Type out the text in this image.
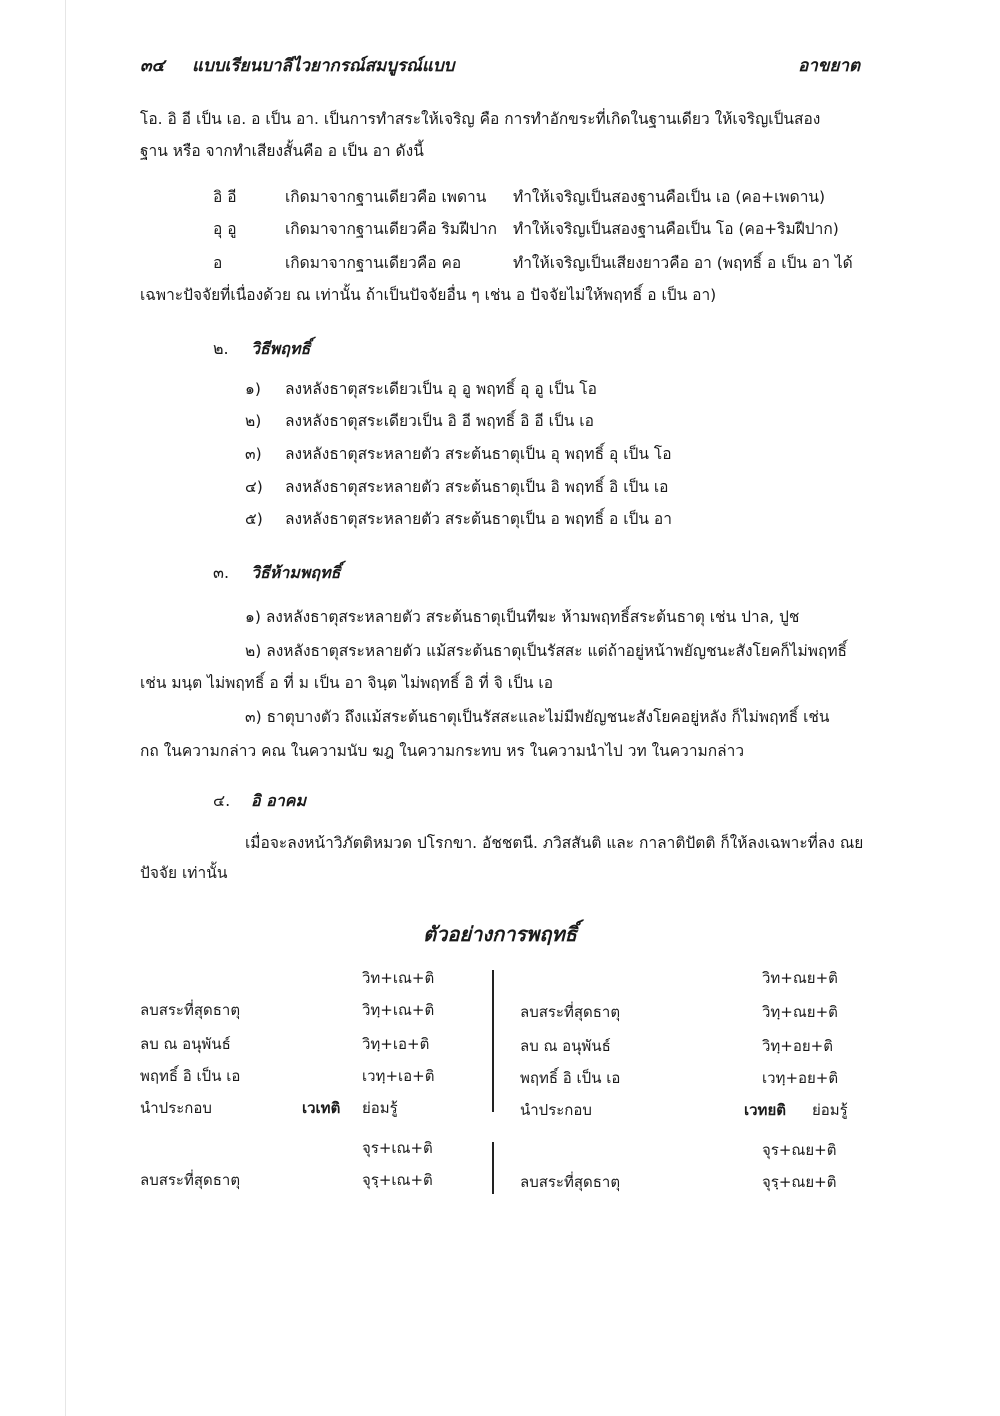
๓๔ แบบเรียนบาลีไวยากรณ์สมบูรณ์แบบ	อาขยาต
โอ. อิ อี เป็น เอ. อ เป็น อา. เป็นการทำสระให้เจริญ คือ การทำอักขระที่เกิดในฐานเดียว ให้เจริญเป็นสอง
ฐาน หรือ จากทำเสียงสั้นคือ อ เป็น อา ดังนี้
อิ อี	เกิดมาจากฐานเดียวคือ เพดาน ทำให้เจริญเป็นสองฐานคือเป็น เอ (คอ+เพดาน)
อุ อู	เกิดมาจากฐานเดียวคือ ริมฝีปาก ทำให้เจริญเป็นสองฐานคือเป็น โอ (คอ+ริมฝีปาก)
อ	เกิดมาจากฐานเดียวคือ คอ	ทำให้เจริญเป็นเสียงยาวคือ อา (พฤทธิ์ อ เป็น อา ได้
เฉพาะปัจจัยที่เนื่องด้วย ณ เท่านั้น ถ้าเป็นปัจจัยอื่น ๆ เช่น อ ปัจจัยไม่ให้พฤทธิ์ อ เป็น อา)
๒. วิธีพฤทธิ์
๑) ลงหลังธาตุสระเดียวเป็น อุ อู พฤทธิ์ อุ อู เป็น โอ
๒) ลงหลังธาตุสระเดียวเป็น อิ อี พฤทธิ์ อิ อี เป็น เอ
๓) ลงหลังธาตุสระหลายตัว สระต้นธาตุเป็น อุ พฤทธิ์ อุ เป็น โอ
๔) ลงหลังธาตุสระหลายตัว สระต้นธาตุเป็น อิ พฤทธิ์ อิ เป็น เอ
๕) ลงหลังธาตุสระหลายตัว สระต้นธาตุเป็น อ พฤทธิ์ อ เป็น อา
๓. วิธีห้ามพฤทธิ์
๑) ลงหลังธาตุสระหลายตัว สระต้นธาตุเป็นทีฆะ ห้ามพฤทธิ์สระต้นธาตุ เช่น ปาล, ปูช
๒) ลงหลังธาตุสระหลายตัว แม้สระต้นธาตุเป็นรัสสะ แต่ถ้าอยู่หน้าพยัญชนะสังโยคก็ไม่พฤทธิ์
เช่น มนฺต ไม่พฤทธิ์ อ ที่ ม เป็น อา จินฺต ไม่พฤทธิ์ อิ ที่ จิ เป็น เอ
๓) ธาตุบางตัว ถึงแม้สระต้นธาตุเป็นรัสสะและไม่มีพยัญชนะสังโยคอยู่หลัง ก็ไม่พฤทธิ์ เช่น
กถ ในความกล่าว คณ ในความนับ ฆฎ ในความกระทบ หร ในความนำไป วท ในความกล่าว
๔. อิ อาคม
เมื่อจะลงหน้าวิภัตติหมวด ปโรกขา. อัชชตนี. ภวิสสันติ และ กาลาติปัตติ ก็ให้ลงเฉพาะที่ลง ณย
ปัจจัย เท่านั้น
ตัวอย่างการพฤทธิ์
วิท+เณ+ติ
ลบสระที่สุดธาตุ	วิทฺ+เณ+ติ
ลบ ณ อนุพันธ์	วิทฺ+เอ+ติ
พฤทธิ์ อิ เป็น เอ	เวทฺ+เอ+ติ
นำประกอบ	เวเทติ ย่อมรู้
วิท+ณย+ติ
ลบสระที่สุดธาตุ	วิทฺ+ณย+ติ
ลบ ณ อนุพันธ์	วิทฺ+อย+ติ
พฤทธิ์ อิ เป็น เอ	เวทฺ+อย+ติ
นำประกอบ	เวทยติ ย่อมรู้
จุร+เณ+ติ
ลบสระที่สุดธาตุ	จุรฺ+เณ+ติ
จุร+ณย+ติ
ลบสระที่สุดธาตุ	จุรฺ+ณย+ติ
